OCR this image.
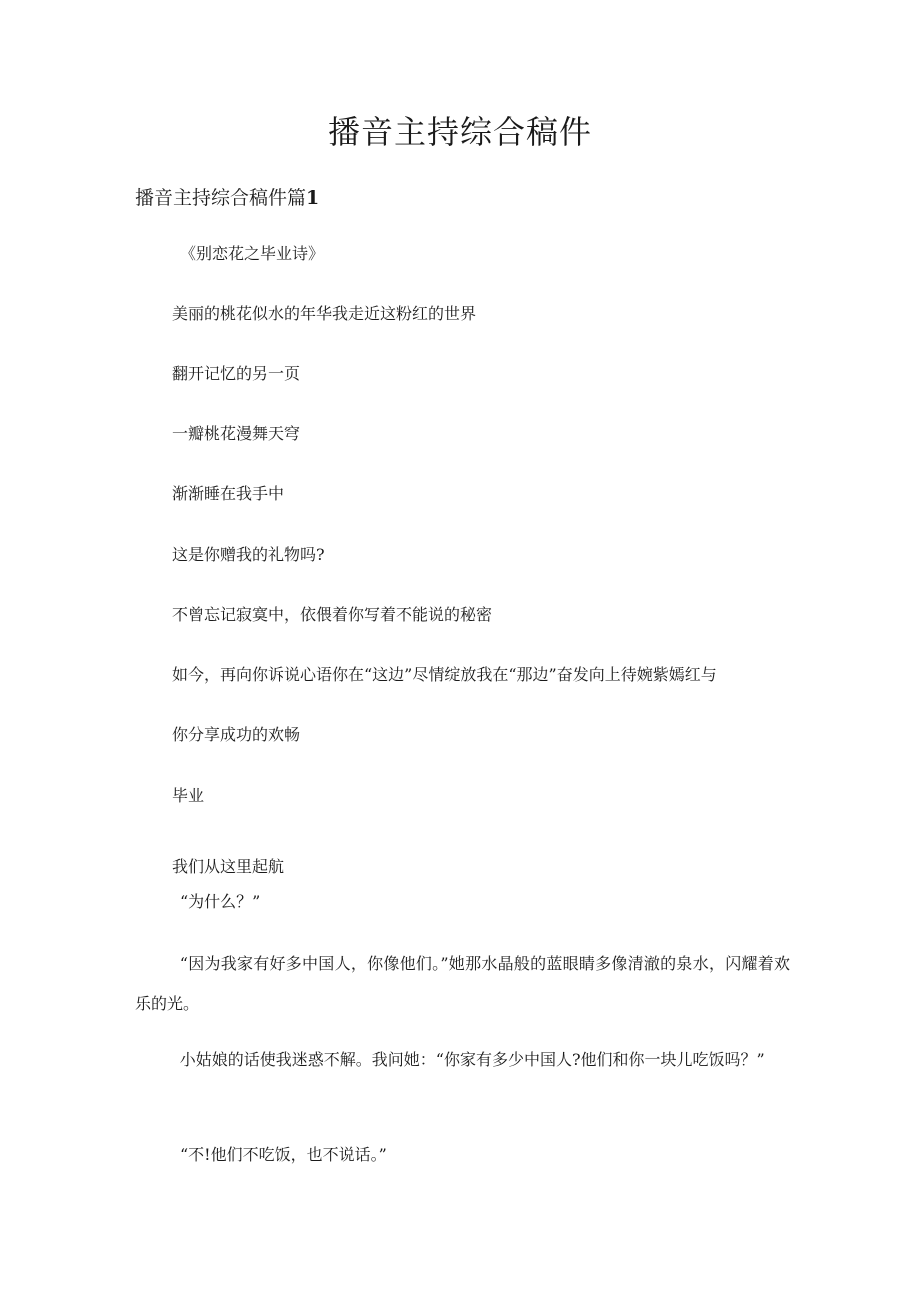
播音主持综合稿件
播音主持综合稿件篇1
《别恋花之毕业诗》
美丽的桃花似水的年华我走近这粉红的世界
翻开记忆的另一页
一瓣桃花漫舞天穹
渐渐睡在我手中
这是你赠我的礼物吗?
不曾忘记寂寞中，依偎着你写着不能说的秘密
如今，再向你诉说心语你在“这边”尽情绽放我在“那边”奋发向上待婉紫嫣红与
你分享成功的欢畅
毕业
我们从这里起航
“为什么？”
“因为我家有好多中国人，你像他们。”她那水晶般的蓝眼睛多像清澈的泉水，闪耀着欢乐的光。
小姑娘的话使我迷惑不解。我问她：“你家有多少中国人?他们和你一块儿吃饭吗？”
“不!他们不吃饭，也不说话。”
